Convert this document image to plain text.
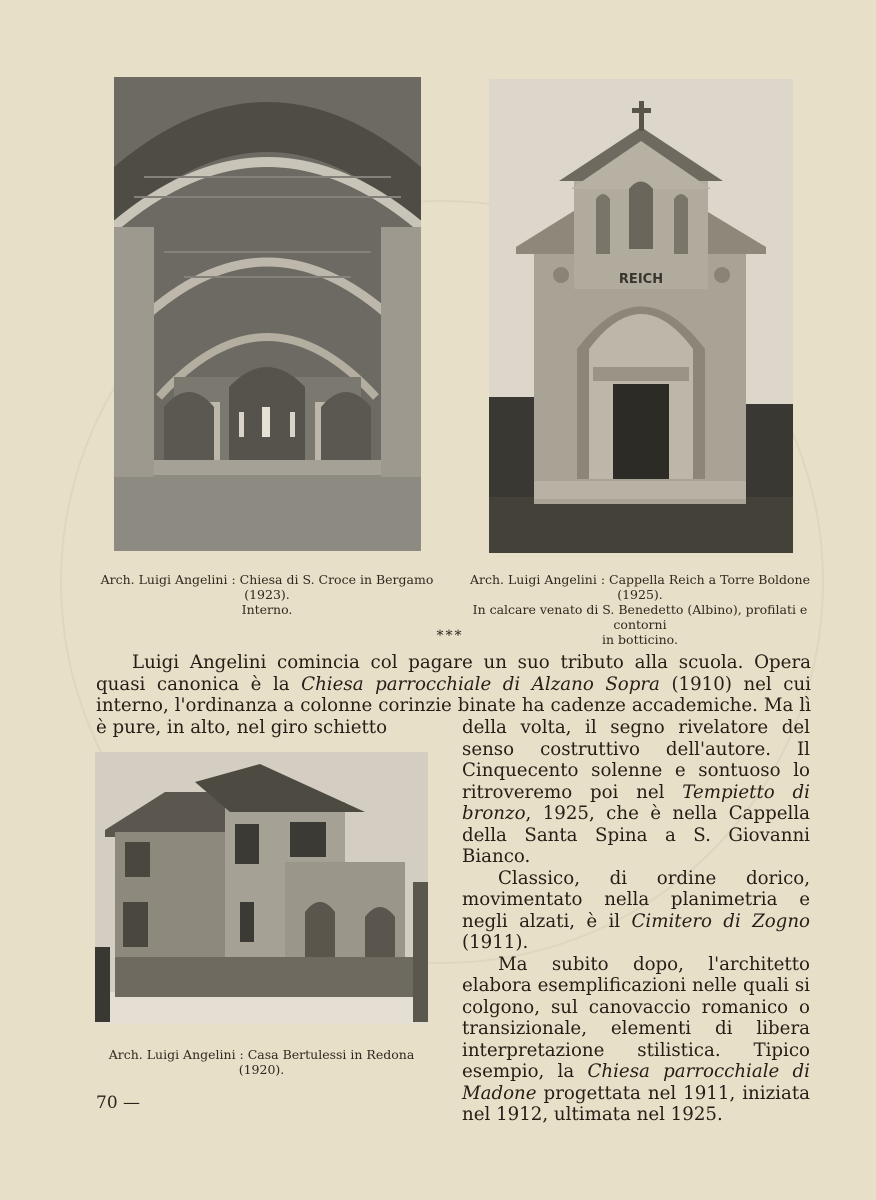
REICH
Arch. Luigi Angelini : Chiesa di S. Croce in Bergamo (1923).
Interno.
Arch. Luigi Angelini : Cappella Reich a Torre Boldone (1925).
In calcare venato di S. Benedetto (Albino), profilati e contorni
in botticino.
***
Luigi Angelini comincia col pagare un suo tributo alla scuola. Opera quasi canonica è la Chiesa parrocchiale di Alzano Sopra (1910) nel cui interno, l'ordinanza a colonne corinzie binate ha cadenze accademiche. Ma lì è pure, in alto, nel giro schietto
Arch. Luigi Angelini : Casa Bertulessi in Redona (1920).

della volta, il segno rivelatore del senso costruttivo dell'autore. Il Cinquecento solenne e sontuoso lo ritroveremo poi nel Tempietto di bronzo, 1925, che è nella Cappella della Santa Spina a S. Giovanni Bianco.

Classico, di ordine dorico, movimentato nella planimetria e negli alzati, è il Cimitero di Zogno (1911).

Ma subito dopo, l'architetto elabora esemplificazioni nelle quali si colgono, sul canovaccio romanico o transizionale, elementi di libera interpretazione stilistica. Tipico esempio, la Chiesa parrocchiale di Madone progettata nel 1911, iniziata nel 1912, ultimata nel 1925.

70 —
